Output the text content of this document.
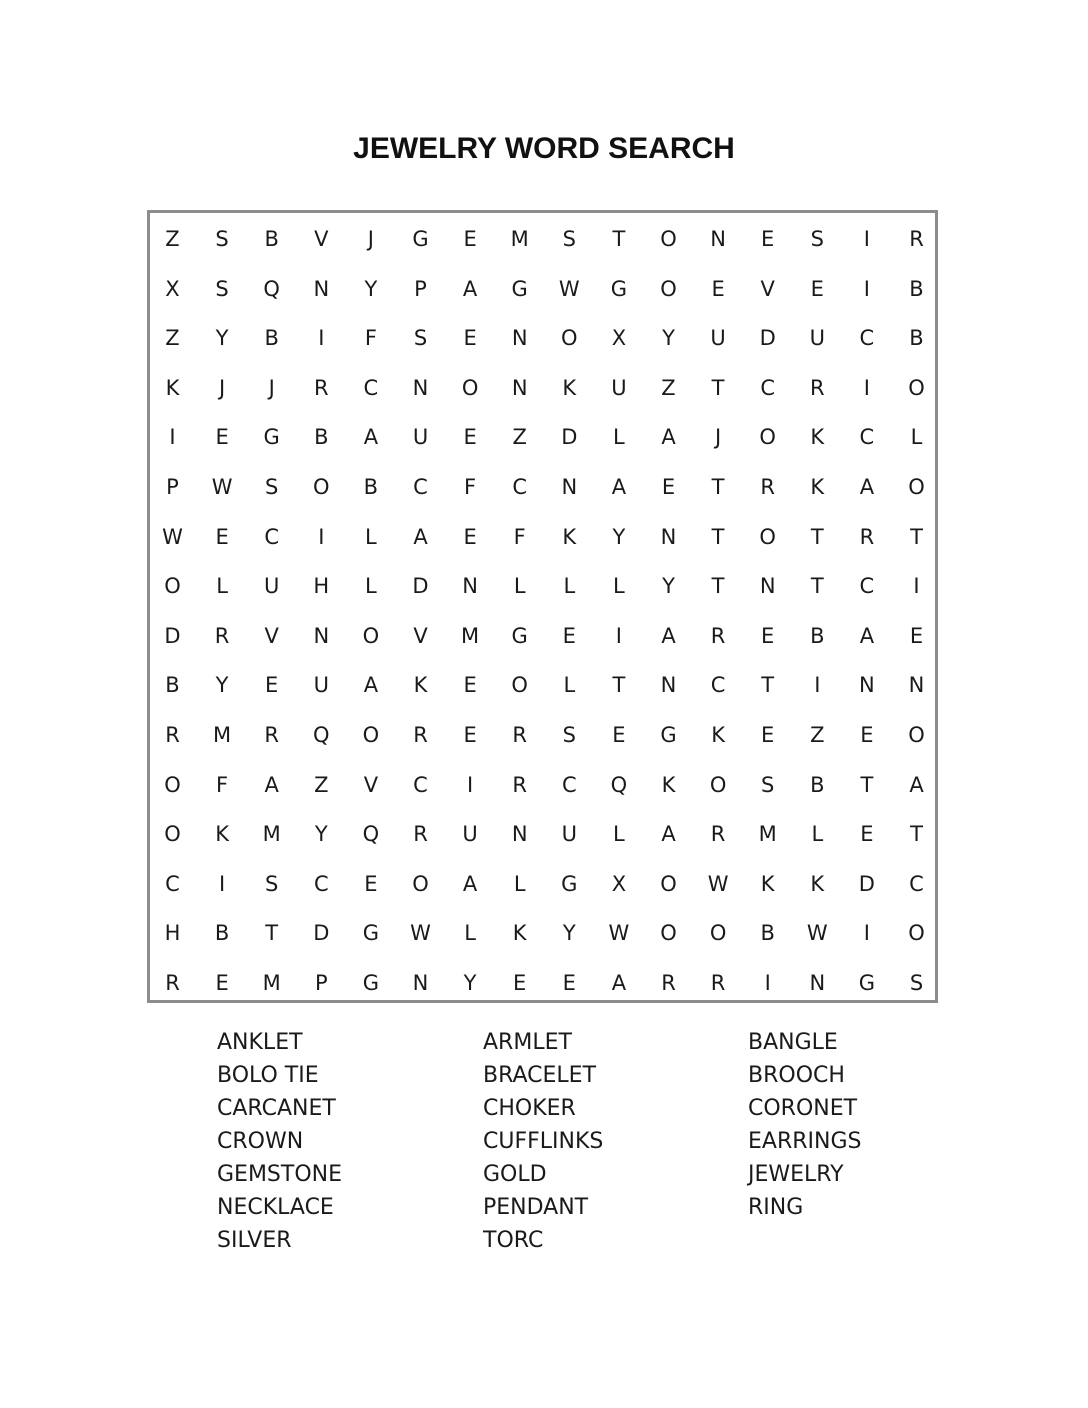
JEWELRY WORD SEARCH
Z	S	B	V	J	G	E	M	S	T	O	N	E	S	I	R
X	S	Q	N	Y	P	A	G	W	G	O	E	V	E	I	B
Z	Y	B	I	F	S	E	N	O	X	Y	U	D	U	C	B
K	J	J	R	C	N	O	N	K	U	Z	T	C	R	I	O
I	E	G	B	A	U	E	Z	D	L	A	J	O	K	C	L
P	W	S	O	B	C	F	C	N	A	E	T	R	K	A	O
W	E	C	I	L	A	E	F	K	Y	N	T	O	T	R	T
O	L	U	H	L	D	N	L	L	L	Y	T	N	T	C	I
D	R	V	N	O	V	M	G	E	I	A	R	E	B	A	E
B	Y	E	U	A	K	E	O	L	T	N	C	T	I	N	N
R	M	R	Q	O	R	E	R	S	E	G	K	E	Z	E	O
O	F	A	Z	V	C	I	R	C	Q	K	O	S	B	T	A
O	K	M	Y	Q	R	U	N	U	L	A	R	M	L	E	T
C	I	S	C	E	O	A	L	G	X	O	W	K	K	D	C
H	B	T	D	G	W	L	K	Y	W	O	O	B	W	I	O
R	E	M	P	G	N	Y	E	E	A	R	R	I	N	G	S
ANKLET
BOLO TIE
CARCANET
CROWN
GEMSTONE
NECKLACE
SILVER
ARMLET
BRACELET
CHOKER
CUFFLINKS
GOLD
PENDANT
TORC
BANGLE
BROOCH
CORONET
EARRINGS
JEWELRY
RING
